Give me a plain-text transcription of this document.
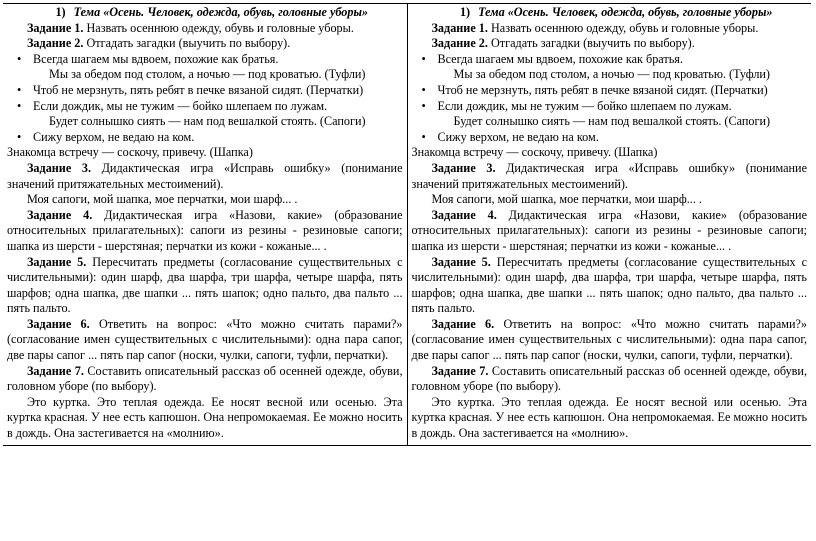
1) Тема «Осень. Человек, одежда, обувь, головные уборы»

Задание 1. Назвать осеннюю одежду, обувь и головные уборы.

Задание 2. Отгадать загадки (выучить по выбору).

• Всегда шагаем мы вдвоем, похожие как братья.

Мы за обедом под столом, а ночью — под кроватью. (Туфли)

• Чтоб не мерзнуть, пять ребят в печке вязаной сидят. (Перчатки)
• Если дождик, мы не тужим — бойко шлепаем по лужам.

Будет солнышко сиять — нам под вешалкой стоять. (Сапоги)

• Сижу верхом, не ведаю на ком.

Знакомца встречу — соскочу, привечу. (Шапка)

Задание 3. Дидактическая игра «Исправь ошибку» (понимание значений притяжательных местоимений).

Моя сапоги, мой шапка, мое перчатки, мои шарф... .

Задание 4. Дидактическая игра «Назови, какие» (образование относительных прилагательных): сапоги из резины - резиновые сапоги; шапка из шерсти - шерстяная; перчатки из кожи - кожаные... .

Задание 5. Пересчитать предметы (согласование существительных с числительными): один шарф, два шарфа, три шарфа, четыре шарфа, пять шарфов; одна шапка, две шапки ... пять шапок; одно пальто, два пальто ... пять пальто.

Задание 6. Ответить на вопрос: «Что можно считать парами?» (согласование имен существительных с числительными): одна пара сапог, две пары сапог ... пять пар сапог (носки, чулки, сапоги, туфли, перчатки).

Задание 7. Составить описательный рассказ об осенней одежде, обуви, головном уборе (по выбору).

Это куртка. Это теплая одежда. Ее носят весной или осенью. Эта куртка красная. У нее есть капюшон. Она непромокаемая. Ее можно носить в дождь. Она застегивается на «молнию».

1) Тема «Осень. Человек, одежда, обувь, головные уборы»

Задание 1. Назвать осеннюю одежду, обувь и головные уборы.

Задание 2. Отгадать загадки (выучить по выбору).

• Всегда шагаем мы вдвоем, похожие как братья.

Мы за обедом под столом, а ночью — под кроватью. (Туфли)

• Чтоб не мерзнуть, пять ребят в печке вязаной сидят. (Перчатки)
• Если дождик, мы не тужим — бойко шлепаем по лужам.

Будет солнышко сиять — нам под вешалкой стоять. (Сапоги)

• Сижу верхом, не ведаю на ком.

Знакомца встречу — соскочу, привечу. (Шапка)

Задание 3. Дидактическая игра «Исправь ошибку» (понимание значений притяжательных местоимений).

Моя сапоги, мой шапка, мое перчатки, мои шарф... .

Задание 4. Дидактическая игра «Назови, какие» (образование относительных прилагательных): сапоги из резины - резиновые сапоги; шапка из шерсти - шерстяная; перчатки из кожи - кожаные... .

Задание 5. Пересчитать предметы (согласование существительных с числительными): один шарф, два шарфа, три шарфа, четыре шарфа, пять шарфов; одна шапка, две шапки ... пять шапок; одно пальто, два пальто ... пять пальто.

Задание 6. Ответить на вопрос: «Что можно считать парами?» (согласование имен существительных с числительными): одна пара сапог, две пары сапог ... пять пар сапог (носки, чулки, сапоги, туфли, перчатки).

Задание 7. Составить описательный рассказ об осенней одежде, обуви, головном уборе (по выбору).

Это куртка. Это теплая одежда. Ее носят весной или осенью. Эта куртка красная. У нее есть капюшон. Она непромокаемая. Ее можно носить в дождь. Она застегивается на «молнию».
